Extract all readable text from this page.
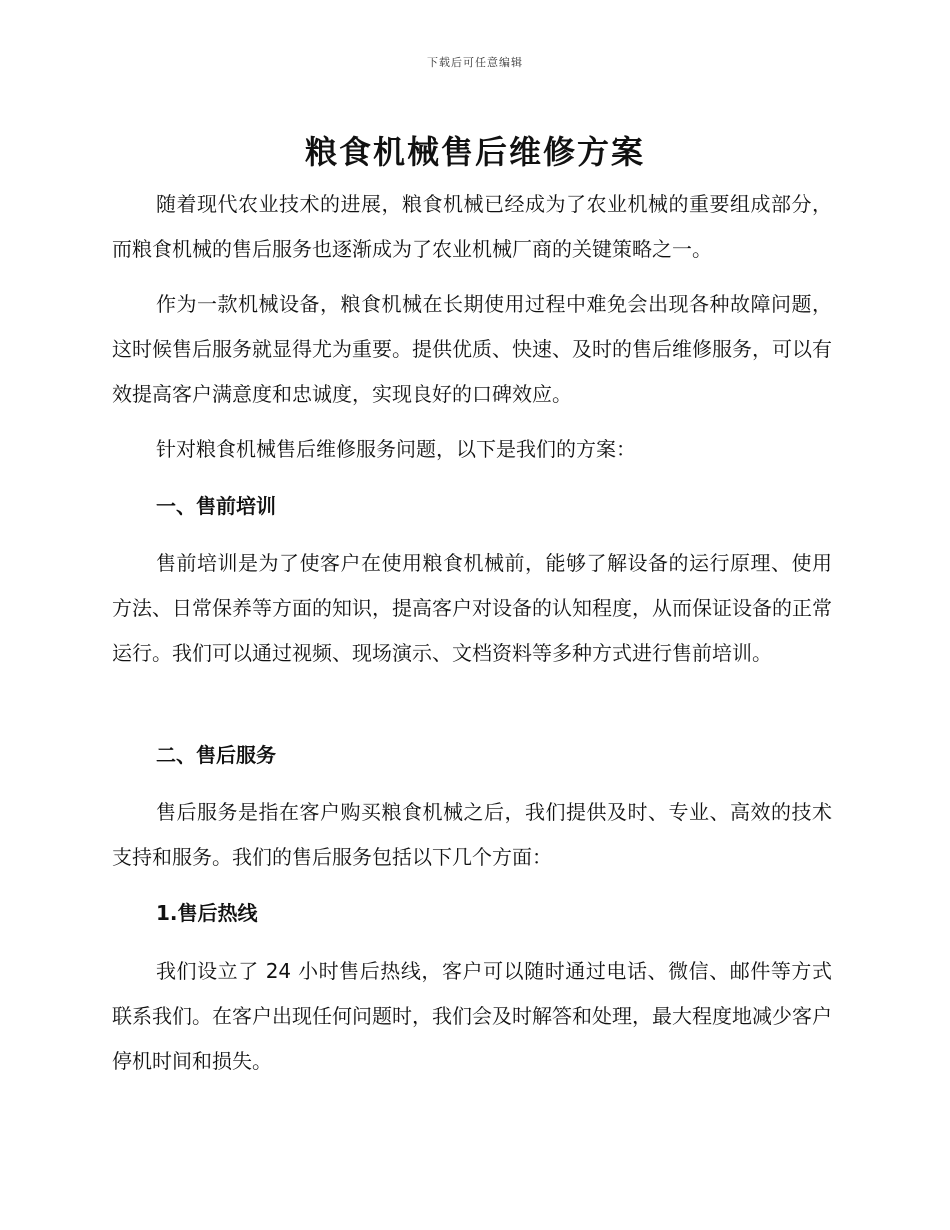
下载后可任意编辑
粮食机械售后维修方案

随着现代农业技术的进展，粮食机械已经成为了农业机械的重要组成部分，而粮食机械的售后服务也逐渐成为了农业机械厂商的关键策略之一。

作为一款机械设备，粮食机械在长期使用过程中难免会出现各种故障问题，这时候售后服务就显得尤为重要。提供优质、快速、及时的售后维修服务，可以有效提高客户满意度和忠诚度，实现良好的口碑效应。

针对粮食机械售后维修服务问题，以下是我们的方案：

一、售前培训

售前培训是为了使客户在使用粮食机械前，能够了解设备的运行原理、使用方法、日常保养等方面的知识，提高客户对设备的认知程度，从而保证设备的正常运行。我们可以通过视频、现场演示、文档资料等多种方式进行售前培训。

二、售后服务

售后服务是指在客户购买粮食机械之后，我们提供及时、专业、高效的技术支持和服务。我们的售后服务包括以下几个方面：

1.售后热线

我们设立了 24 小时售后热线，客户可以随时通过电话、微信、邮件等方式联系我们。在客户出现任何问题时，我们会及时解答和处理，最大程度地减少客户停机时间和损失。
